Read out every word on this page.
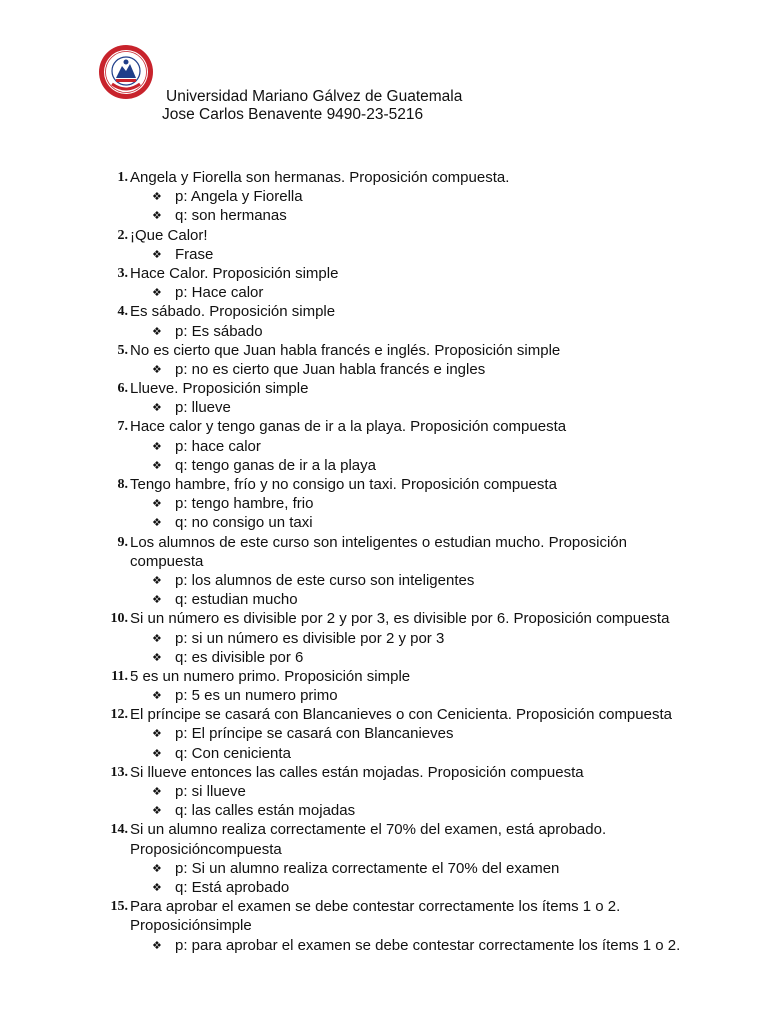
Universidad Mariano Gálvez de Guatemala
Jose Carlos Benavente 9490-23-5216
1. Angela y Fiorella son hermanas. Proposición compuesta.
❖ p: Angela y Fiorella
❖ q: son hermanas
2. ¡Que Calor!
❖ Frase
3. Hace Calor. Proposición simple
❖ p: Hace calor
4. Es sábado. Proposición simple
❖ p: Es sábado
5. No es cierto que Juan habla francés e inglés. Proposición simple
❖ p: no es cierto que Juan habla francés e ingles
6. Llueve. Proposición simple
❖ p: llueve
7. Hace calor y tengo ganas de ir a la playa. Proposición compuesta
❖ p: hace calor
❖ q: tengo ganas de ir a la playa
8. Tengo hambre, frío y no consigo un taxi. Proposición compuesta
❖ p: tengo hambre, frio
❖ q: no consigo un taxi
9. Los alumnos de este curso son inteligentes o estudian mucho. Proposición
compuesta
❖ p: los alumnos de este curso son inteligentes
❖ q: estudian mucho
10. Si un número es divisible por 2 y por 3, es divisible por 6. Proposición compuesta
❖ p: si un número es divisible por 2 y por 3
❖ q: es divisible por 6
11. 5 es un numero primo. Proposición simple
❖ p: 5 es un numero primo
12. El príncipe se casará con Blancanieves o con Cenicienta. Proposición compuesta
❖ p: El príncipe se casará con Blancanieves
❖ q: Con cenicienta
13. Si llueve entonces las calles están mojadas. Proposición compuesta
❖ p: si llueve
❖ q: las calles están mojadas
14. Si un alumno realiza correctamente el 70% del examen, está aprobado.
Proposicióncompuesta
❖ p: Si un alumno realiza correctamente el 70% del examen
❖ q: Está aprobado
15. Para aprobar el examen se debe contestar correctamente los ítems 1 o 2.
Proposiciónsimple
❖ p: para aprobar el examen se debe contestar correctamente los ítems 1 o 2.
